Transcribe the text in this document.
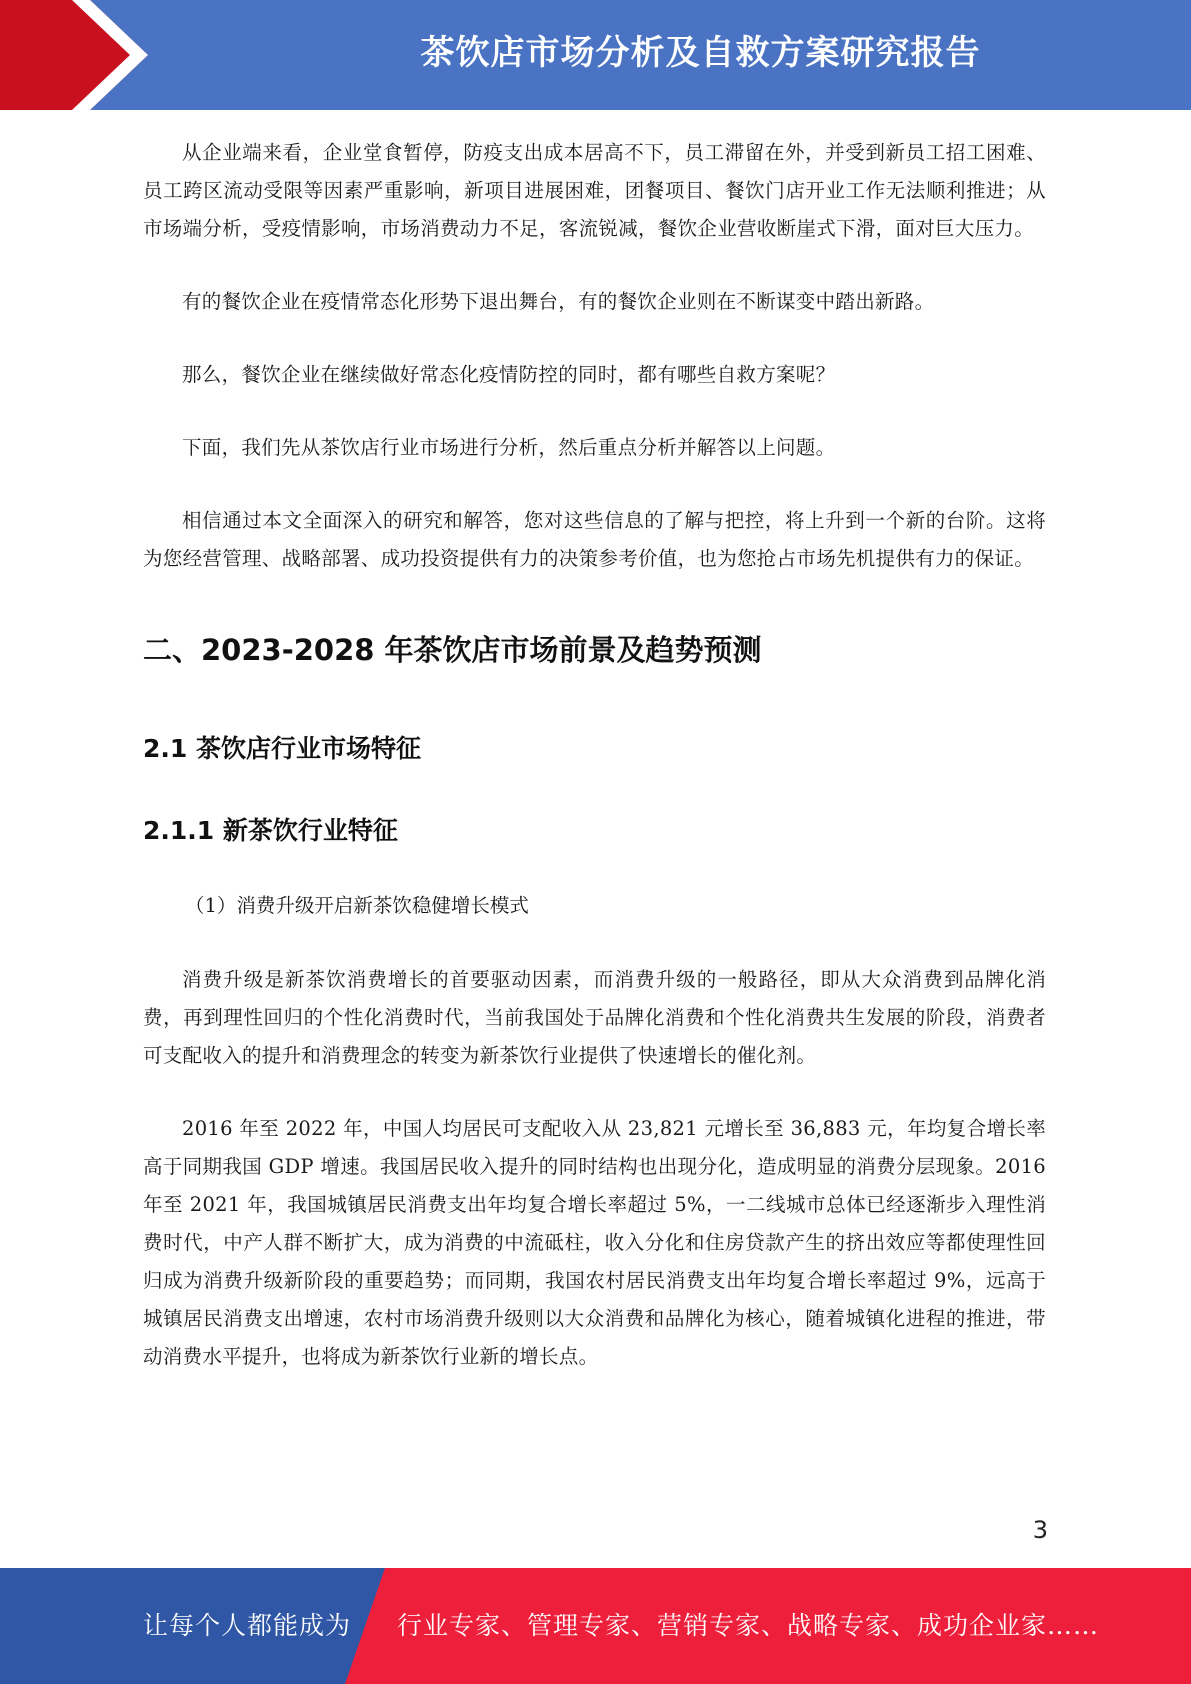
茶饮店市场分析及自救方案研究报告

从企业端来看，企业堂食暂停，防疫支出成本居高不下，员工滞留在外，并受到新员工招工困难、员工跨区流动受限等因素严重影响，新项目进展困难，团餐项目、餐饮门店开业工作无法顺利推进；从市场端分析，受疫情影响，市场消费动力不足，客流锐减，餐饮企业营收断崖式下滑，面对巨大压力。

有的餐饮企业在疫情常态化形势下退出舞台，有的餐饮企业则在不断谋变中踏出新路。

那么，餐饮企业在继续做好常态化疫情防控的同时，都有哪些自救方案呢？

下面，我们先从茶饮店行业市场进行分析，然后重点分析并解答以上问题。

相信通过本文全面深入的研究和解答，您对这些信息的了解与把控，将上升到一个新的台阶。这将为您经营管理、战略部署、成功投资提供有力的决策参考价值，也为您抢占市场先机提供有力的保证。

二、2023-2028 年茶饮店市场前景及趋势预测
2.1 茶饮店行业市场特征
2.1.1 新茶饮行业特征

（1）消费升级开启新茶饮稳健增长模式

消费升级是新茶饮消费增长的首要驱动因素，而消费升级的一般路径，即从大众消费到品牌化消费，再到理性回归的个性化消费时代，当前我国处于品牌化消费和个性化消费共生发展的阶段，消费者可支配收入的提升和消费理念的转变为新茶饮行业提供了快速增长的催化剂。

2016 年至 2022 年，中国人均居民可支配收入从 23,821 元增长至 36,883 元，年均复合增长率高于同期我国 GDP 增速。我国居民收入提升的同时结构也出现分化，造成明显的消费分层现象。2016 年至 2021 年，我国城镇居民消费支出年均复合增长率超过 5%，一二线城市总体已经逐渐步入理性消费时代，中产人群不断扩大，成为消费的中流砥柱，收入分化和住房贷款产生的挤出效应等都使理性回归成为消费升级新阶段的重要趋势；而同期，我国农村居民消费支出年均复合增长率超过 9%，远高于城镇居民消费支出增速，农村市场消费升级则以大众消费和品牌化为核心，随着城镇化进程的推进，带动消费水平提升，也将成为新茶饮行业新的增长点。

3
让每个人都能成为 行业专家、管理专家、营销专家、战略专家、成功企业家……
